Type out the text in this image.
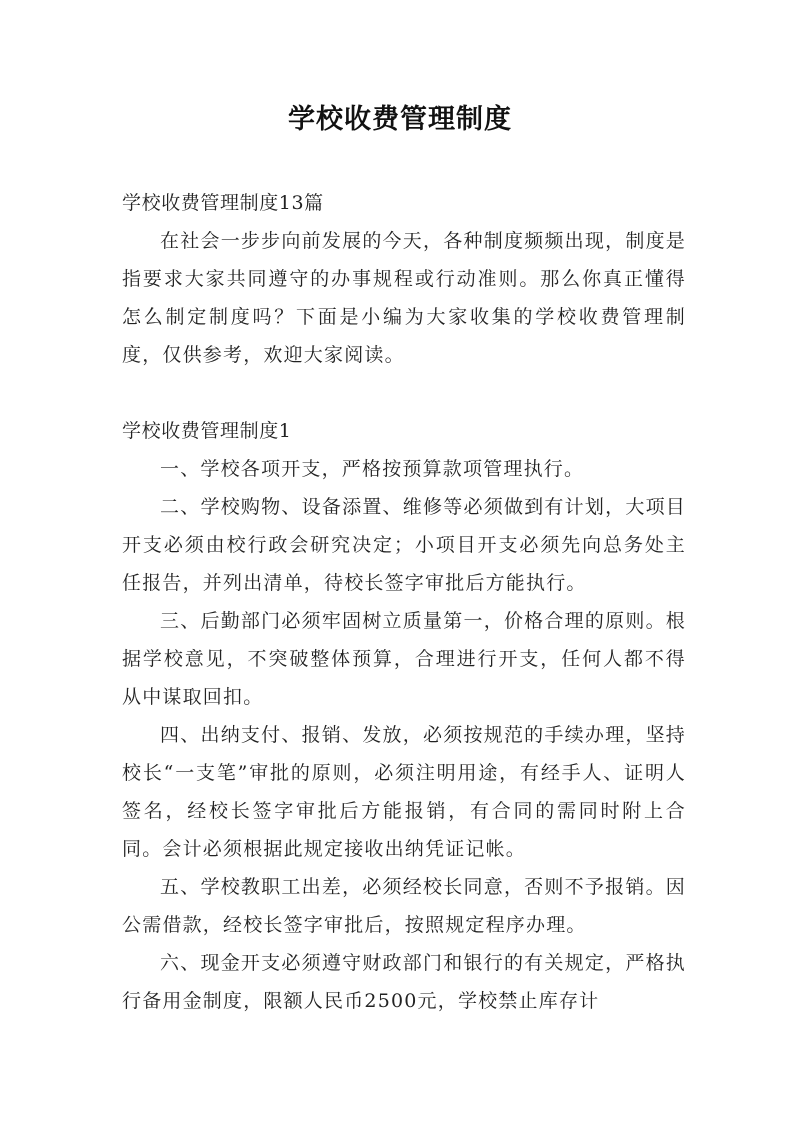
学校收费管理制度

学校收费管理制度13篇

在社会一步步向前发展的今天，各种制度频频出现，制度是指要求大家共同遵守的办事规程或行动准则。那么你真正懂得怎么制定制度吗？下面是小编为大家收集的学校收费管理制度，仅供参考，欢迎大家阅读。

学校收费管理制度1

一、学校各项开支，严格按预算款项管理执行。

二、学校购物、设备添置、维修等必须做到有计划，大项目开支必须由校行政会研究决定；小项目开支必须先向总务处主任报告，并列出清单，待校长签字审批后方能执行。

三、后勤部门必须牢固树立质量第一，价格合理的原则。根据学校意见，不突破整体预算，合理进行开支，任何人都不得从中谋取回扣。

四、出纳支付、报销、发放，必须按规范的手续办理，坚持校长“一支笔”审批的原则，必须注明用途，有经手人、证明人签名，经校长签字审批后方能报销，有合同的需同时附上合同。会计必须根据此规定接收出纳凭证记帐。

五、学校教职工出差，必须经校长同意，否则不予报销。因公需借款，经校长签字审批后，按照规定程序办理。

六、现金开支必须遵守财政部门和银行的有关规定，严格执行备用金制度，限额人民币2500元，学校禁止库存计
